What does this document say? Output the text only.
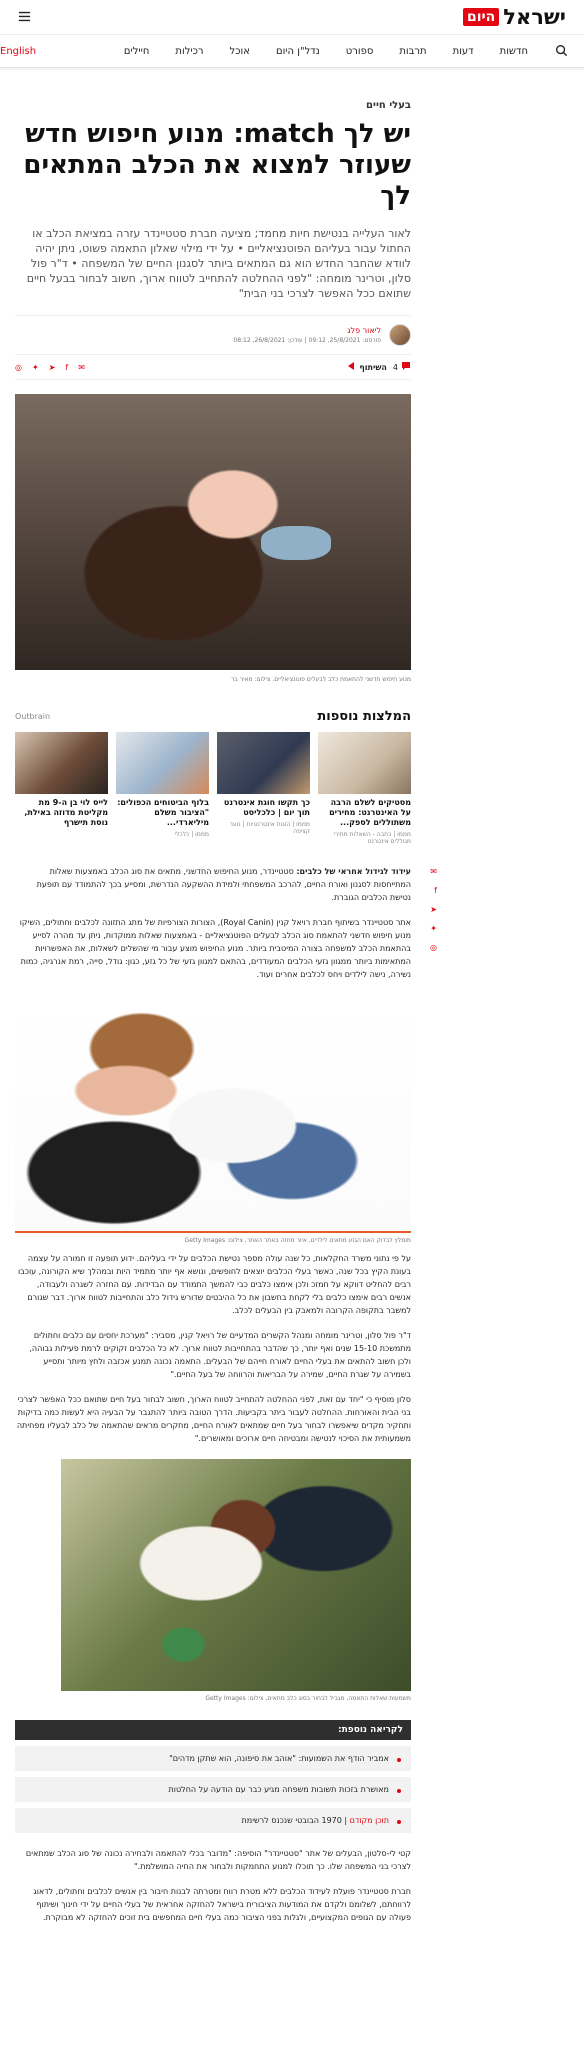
ישראל
היום
English	חיילים	רכילות	אוכל	נדל"ן היום	ספורט	תרבות	דעות	חדשות
בעלי חיים
יש לך match: מנוע חיפוש חדש שעוזר למצוא את הכלב המתאים לך

לאור העלייה בנטישת חיות מחמד; מציעה חברת סטטיינדר עזרה במציאת הכלב או החתול עבור בעליהם הפוטנציאליים • על ידי מילוי שאלון התאמה פשוט, ניתן יהיה לוודא שהחבר החדש הוא גם המתאים ביותר לסגנון החיים של המשפחה • ד"ר פול סלון, וטרינר מומחה: "לפני ההחלטה להתחייב לטווח ארוך, חשוב לבחור בבעל חיים שתואם ככל האפשר לצרכי בני הבית"

ליאור פלג
פורסם: 25/8/2021, 09:12 | עודכן: 26/8/2021, 08:12
4
השיתוף
◎ ✦ ➤ f ✉
מנוע חיפוש חדשני להתאמת כלב לבעלים פוטנציאליים. צילום: מאיר בר
המלצות נוספות
Outbrain
מסטיקים לשלם הרבה על האינטרנט: מחירים משתוללים לספק...
מממו | כתבה - השאלות מחירי מגוללים אינטרנט
כך תקשו חוגת אינטרנט תוך יום | כלכליסט
מממו | הוגות אינטרנטיות | נוער קציפה
בלוף הביטוחים הכפולים: "הציבור משלם מיליארדי...
מממו | כלכלי
לייס לוי בן ה-9 מת מקליטת מדוזה באילת, נוסת תישרף
✉
f
➤
✦
◎

עידוד לגידול אחראי של כלבים: סטטיינדר, מנוע החיפוש החדשני, מתאים את סוג הכלב באמצעות שאלות המתייחסות לסגנון ואורח החיים, להרכב המשפחתי ולמידת ההשקעה הנדרשת, ומסייע בכך להתמודד עם תופעת נטישת הכלבים הגוברת.

אתר סטטיינדר בשיתוף חברת רויאל קנין (Royal Canin), הצורות הצורפיות של מתג התזונה לכלבים וחתולים, השיקו מנוע חיפוש חדשני להתאמת סוג הכלב לבעלים הפוטנציאליים - באמצעות שאלות ממוקדות, ניתן עד מהרה לסייע בהתאמת הכלב למשפחה בצורה המיטבית ביותר. מנוע החיפוש מוצע עבור מי שהשלים לשאלות, את האפשרויות המתאימות ביותר ממגוון גזעי הכלבים המעודדים, בהתאם למגוון גזעי של כל גזע, כגון: גודל, סייה, רמת אנרגיה, כמות נשירה, נישה לילדים ויחס לכלבים אחרים ועוד.

מומלץ לבדוק האם הגזע מתאים לילדים, איור מחזה באתר האתר, צילום: Getty Images

על פי נתוני משרד החקלאות, כל שנה עולה מספר נטישת הכלבים על ידי בעליהם. ידוע תופעה זו חמורה על עצמה בעונת הקיץ בכל שנה, כאשר בעלי הכלבים יוצאים לחופשים, ונושא אף יותר מתמיד היות ובמהלך שיא הקורונה, עוכבו רבים להחליט דווקא על חמזכ ולכן אימצו כלבים כבי להמשך התמודד עם הבדידות. עם החזרה לשגרה ולעבודה, אנשים רבים אימצו כלבים בלי לקחת בחשבון את כל ההיבטים שדורש גידול כלב והתחייבות לטווח ארוך. דבר שגורם למשבר בתקופה הקרובה ולמאבק בין הבעלים לכלב.

ד"ר פול סלון, וטרינר מומחה ומנהל הקשרים המדעיים של רויאל קנין, מסביר: "מערכת יחסים עם כלבים וחתולים מתמשכת 15-10 שנים ואף יותר, כך שהדבר בהתחייבות לטווח ארוך. לא כל הכלבים זקוקים לרמת פעילות גבוהה, ולכן חשוב להתאים את בעלי החיים לאורח חייהם של הבעלים. התאמה נכונה תמנע אכזבה ולחץ מיותר ותסייע בשמירה על שגרת החיים, שמירה על הבריאות והרווחה של בעל החיים."

סלון מוסיף כי "יחד עם זאת, לפני ההחלטה להתחייב לטווח הארוך, חשוב לבחור בעל חיים שתואם ככל האפשר לצרכי בני הבית והאורחות. ההחלטה לעבור ביתר בקביעות. הדרך הטובה ביותר להתגבר על הבעיה היא לעשות כמה בדיקות ותחקיר מקדים שיאפשרו לבחור בעל חיים שמתאים לאורח החיים, מחקרים מראים שהתאמה של כלב לבעליו מפחיתה משמעותית את הסיכוי לנטישה ומבטיחה חיים ארוכים ומאושרים."

משמעות שאלות התאמה, מגביל לבחור בסוג כלב מתאים, צילום: Getty Images
לקריאה נוספת:
אמביר הודף את השמועות: "אוהב את סיפונה, הוא שתקן מדהים"
מאושרת בזכות תשובות משפחה מגיע כבר עם הודעה על החלטות
תוכן מקודם | 1970 הבובטי שנכנס לרשימת

קטי לי-סלטון, הבעלים של אתר "סטטיינדר" הוסיפה: "מדובר בכלי להתאמה ולבחירה נכונה של סוג הכלב שמתאים לצרכי בני המשפחה שלו. כך תוכלו למנוע התחמקות ולבחור את החיה המושלמת."

חברת סטטיינדר פועלת לעידוד הכלבים ללא מטרת רווח ומטרתה לבנות חיבור בין אנשים לכלבים וחתולים, לדאוג לרווחתם, לשלומם ולקדם את המודעות הציבורית בישראל להחזקה אחראית של בעלי החיים על ידי חינוך ושיתוף פעולה עם הגופים המקצועיים, ולגלות בפני הציבור כמה בעלי חיים המחפשים בית זוכים להחזקה לא מבוקרת.
